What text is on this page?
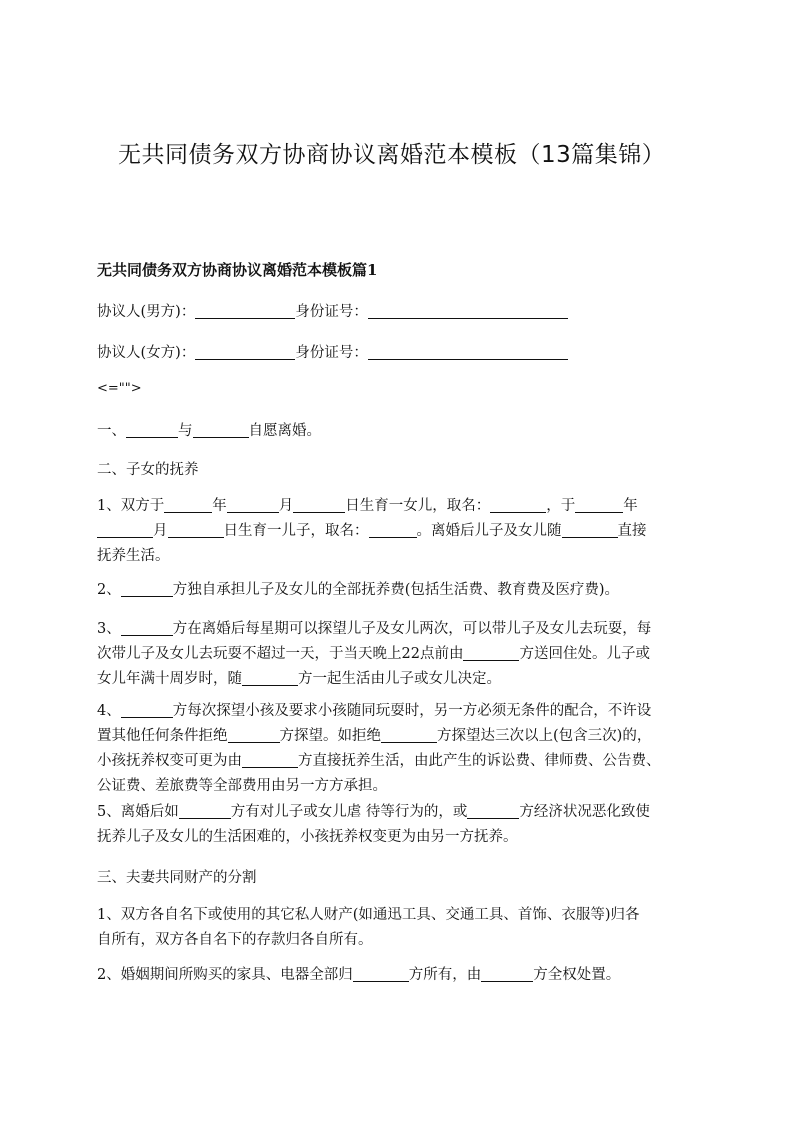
无共同债务双方协商协议离婚范本模板（13篇集锦）
无共同债务双方协商协议离婚范本模板篇1
协议人(男方)：	身份证号：
协议人(女方)：	身份证号：
<="">
一、	与	自愿离婚。
二、子女的抚养
1、双方于	年	月	日生育一女儿，取名：	，于	年
月	日生育一儿子，取名：	。离婚后儿子及女儿随	直接
抚养生活。
2、	方独自承担儿子及女儿的全部抚养费(包括生活费、教育费及医疗费)。
3、	方在离婚后每星期可以探望儿子及女儿两次，可以带儿子及女儿去玩耍，每
次带儿子及女儿去玩耍不超过一天，于当天晚上22点前由	方送回住处。儿子或
女儿年满十周岁时，随	方一起生活由儿子或女儿决定。
4、	方每次探望小孩及要求小孩随同玩耍时，另一方必须无条件的配合，不许设
置其他任何条件拒绝	方探望。如拒绝	方探望达三次以上(包含三次)的，
小孩抚养权变可更为由	方直接抚养生活，由此产生的诉讼费、律师费、公告费、
公证费、差旅费等全部费用由另一方方承担。
5、离婚后如	方有对儿子或女儿虐 待等行为的，或	方经济状况恶化致使
抚养儿子及女儿的生活困难的，小孩抚养权变更为由另一方抚养。
三、夫妻共同财产的分割
1、双方各自名下或使用的其它私人财产(如通迅工具、交通工具、首饰、衣服等)归各
自所有，双方各自名下的存款归各自所有。
2、婚姻期间所购买的家具、电器全部归	方所有，由	方全权处置。
